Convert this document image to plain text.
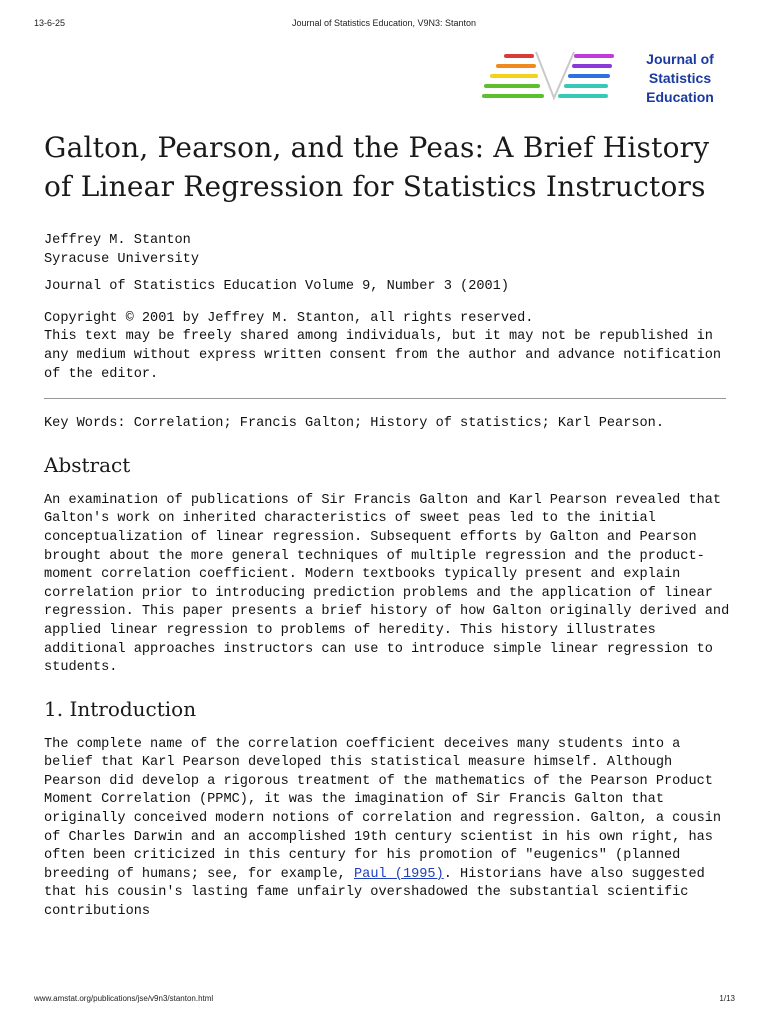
13-6-25	Journal of Statistics Education, V9N3: Stanton
Journal of
Statistics
Education
Galton, Pearson, and the Peas: A Brief History of Linear Regression for Statistics Instructors
Jeffrey M. Stanton
Syracuse University
Journal of Statistics Education Volume 9, Number 3 (2001)
Copyright © 2001 by Jeffrey M. Stanton, all rights reserved.
This text may be freely shared among individuals, but it may not be republished in any medium without express written consent from the author and advance notification of the editor.
Key Words: Correlation; Francis Galton; History of statistics; Karl Pearson.
Abstract
An examination of publications of Sir Francis Galton and Karl Pearson revealed that Galton's work on inherited characteristics of sweet peas led to the initial conceptualization of linear regression. Subsequent efforts by Galton and Pearson brought about the more general techniques of multiple regression and the product-moment correlation coefficient. Modern textbooks typically present and explain correlation prior to introducing prediction problems and the application of linear regression. This paper presents a brief history of how Galton originally derived and applied linear regression to problems of heredity. This history illustrates additional approaches instructors can use to introduce simple linear regression to students.
1. Introduction
The complete name of the correlation coefficient deceives many students into a belief that Karl Pearson developed this statistical measure himself. Although Pearson did develop a rigorous treatment of the mathematics of the Pearson Product Moment Correlation (PPMC), it was the imagination of Sir Francis Galton that originally conceived modern notions of correlation and regression. Galton, a cousin of Charles Darwin and an accomplished 19th century scientist in his own right, has often been criticized in this century for his promotion of "eugenics" (planned breeding of humans; see, for example, Paul (1995). Historians have also suggested that his cousin's lasting fame unfairly overshadowed the substantial scientific contributions
www.amstat.org/publications/jse/v9n3/stanton.html	1/13
